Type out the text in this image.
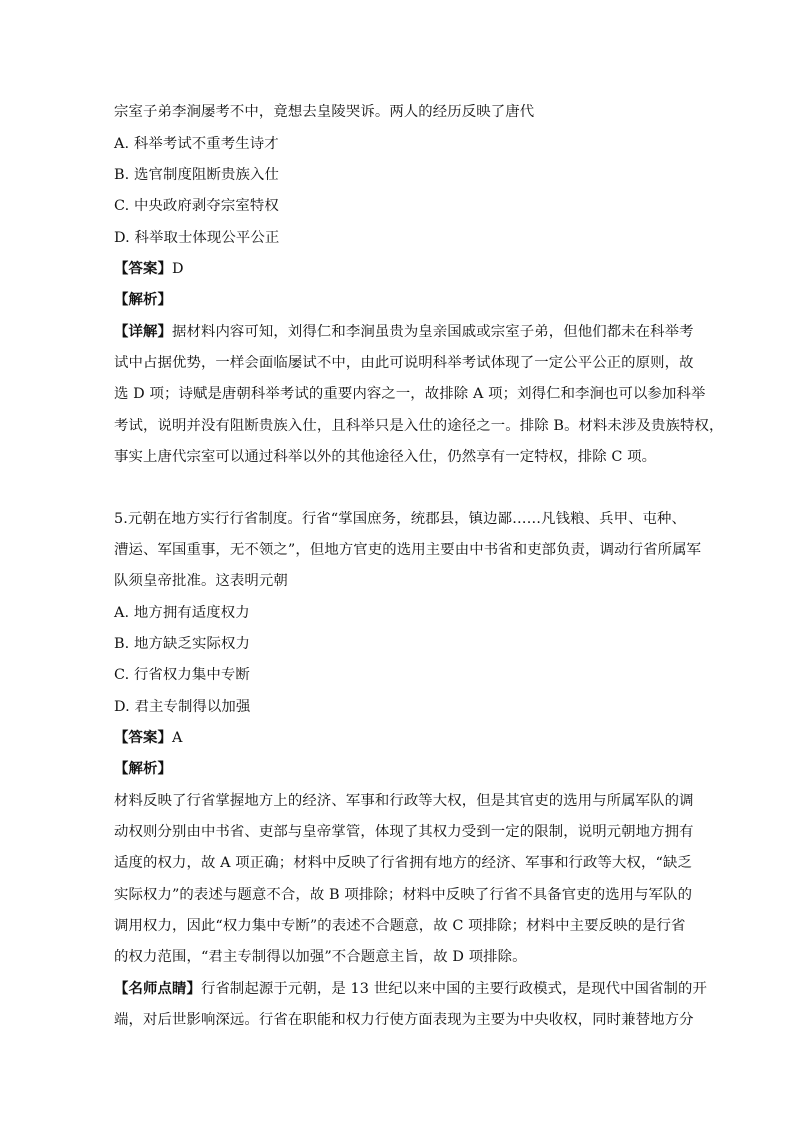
宗室子弟李涧屡考不中，竟想去皇陵哭诉。两人的经历反映了唐代
A. 科举考试不重考生诗才
B. 选官制度阻断贵族入仕
C. 中央政府剥夺宗室特权
D. 科举取士体现公平公正
【答案】D
【解析】
【详解】据材料内容可知，刘得仁和李涧虽贵为皇亲国戚或宗室子弟，但他们都未在科举考
试中占据优势，一样会面临屡试不中，由此可说明科举考试体现了一定公平公正的原则，故
选 D 项；诗赋是唐朝科举考试的重要内容之一，故排除 A 项；刘得仁和李涧也可以参加科举
考试，说明并没有阻断贵族入仕，且科举只是入仕的途径之一。排除 B。材料未涉及贵族特权，
事实上唐代宗室可以通过科举以外的其他途径入仕，仍然享有一定特权，排除 C 项。
5.元朝在地方实行行省制度。行省“掌国庶务，统郡县，镇边鄙……凡钱粮、兵甲、屯种、
漕运、军国重事，无不领之”，但地方官吏的选用主要由中书省和吏部负责，调动行省所属军
队须皇帝批准。这表明元朝
A. 地方拥有适度权力
B. 地方缺乏实际权力
C. 行省权力集中专断
D. 君主专制得以加强
【答案】A
【解析】
材料反映了行省掌握地方上的经济、军事和行政等大权，但是其官吏的选用与所属军队的调
动权则分别由中书省、吏部与皇帝掌管，体现了其权力受到一定的限制，说明元朝地方拥有
适度的权力，故 A 项正确；材料中反映了行省拥有地方的经济、军事和行政等大权，“缺乏
实际权力”的表述与题意不合，故 B 项排除；材料中反映了行省不具备官吏的选用与军队的
调用权力，因此“权力集中专断”的表述不合题意，故 C 项排除；材料中主要反映的是行省
的权力范围，“君主专制得以加强”不合题意主旨，故 D 项排除。
【名师点睛】行省制起源于元朝，是 13 世纪以来中国的主要行政模式，是现代中国省制的开
端，对后世影响深远。行省在职能和权力行使方面表现为主要为中央收权，同时兼替地方分
